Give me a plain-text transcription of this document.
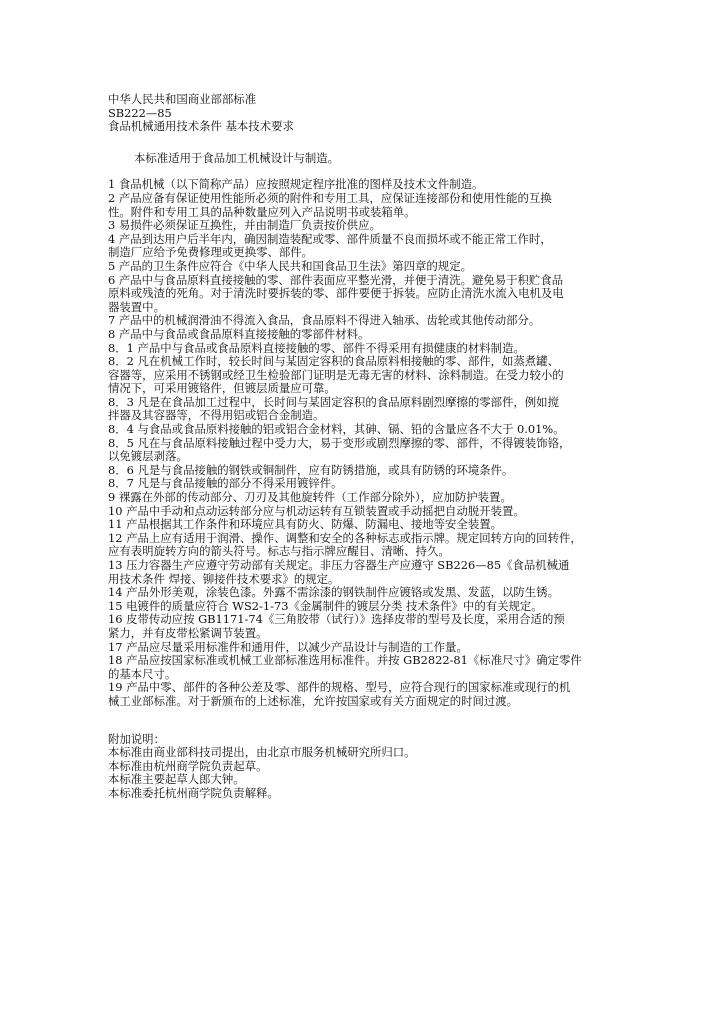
中华人民共和国商业部部标准
SB222—85
食品机械通用技术条件 基本技术要求
本标准适用于食品加工机械设计与制造。
1 食品机械（以下简称产品）应按照规定程序批准的图样及技术文件制造。
2 产品应备有保证使用性能所必须的附件和专用工具，应保证连接部份和使用性能的互换
性。附件和专用工具的品种数量应列入产品说明书或装箱单。
3 易损件必须保证互换性，并由制造厂负责按价供应。
4 产品到达用户后半年内，确因制造装配或零、部件质量不良而损坏或不能正常工作时，
制造厂应给予免费修理或更换零、部件。
5 产品的卫生条件应符合《中华人民共和国食品卫生法》第四章的规定。
6 产品中与食品原料直接接触的零、部件表面应平整光滑，并便于清洗。避免易于积贮食品
原料或残渣的死角。对于清洗时要拆装的零、部件要便于拆装。应防止清洗水流入电机及电
器装置中。
7 产品中的机械润滑油不得流入食品，食品原料不得进入轴承、齿轮或其他传动部分。
8 产品中与食品或食品原料直接接触的零部件材料。
8．1 产品中与食品或食品原料直接接触的零、部件不得采用有损健康的材料制造。
8．2 凡在机械工作时，较长时间与某固定容积的食品原料相接触的零、部件，如蒸煮罐、
容器等，应采用不锈钢或经卫生检验部门证明是无毒无害的材料、涂料制造。在受力较小的
情况下，可采用镀铬件，但镀层质量应可靠。
8．3 凡是在食品加工过程中，长时间与某固定容积的食品原料剧烈摩擦的零部件，例如搅
拌器及其容器等，不得用铝或铝合金制造。
8．4 与食品或食品原料接触的铝或铝合金材料，其砷、镉、铅的含量应各不大于 0.01%。
8．5 凡在与食品原料接触过程中受力大，易于变形或剧烈摩擦的零、部件，不得镀装饰铬，
以免镀层剥落。
8．6 凡是与食品接触的钢铁或铜制件，应有防锈措施，或具有防锈的环境条件。
8．7 凡是与食品接触的部分不得采用镀锌件。
9 裸露在外部的传动部分、刀刃及其他旋转件（工作部分除外），应加防护装置。
10 产品中手动和点动运转部分应与机动运转有互锁装置或手动摇把自动脱开装置。
11 产品根据其工作条件和环境应具有防火、防爆、防漏电、接地等安全装置。
12 产品上应有适用于润滑、操作、调整和安全的各种标志或指示牌。规定回转方向的回转件，
应有表明旋转方向的箭头符号。标志与指示牌应醒目、清晰、持久。
13 压力容器生产应遵守劳动部有关规定。非压力容器生产应遵守 SB226—85《食品机械通
用技术条件 焊接、铆接件技术要求》的规定。
14 产品外形美观，涂装色漆。外露不需涂漆的钢铁制件应镀铬或发黑、发蓝，以防生锈。
15 电镀件的质量应符合 WS2-1-73《金属制件的镀层分类 技术条件》中的有关规定。
16 皮带传动应按 GB1171-74《三角胶带（试行）》选择皮带的型号及长度，采用合适的预
紧力，并有皮带松紧调节装置。
17 产品应尽量采用标准件和通用件，以减少产品设计与制造的工作量。
18 产品应按国家标准或机械工业部标准选用标准件。并按 GB2822-81《标准尺寸》确定零件
的基本尺寸。
19 产品中零、部件的各种公差及零、部件的规格、型号，应符合现行的国家标准或现行的机
械工业部标准。对于新颁布的上述标准，允许按国家或有关方面规定的时间过渡。
附加说明：
本标准由商业部科技司提出，由北京市服务机械研究所归口。
本标准由杭州商学院负责起草。
本标准主要起草人郎大钟。
本标准委托杭州商学院负责解释。
